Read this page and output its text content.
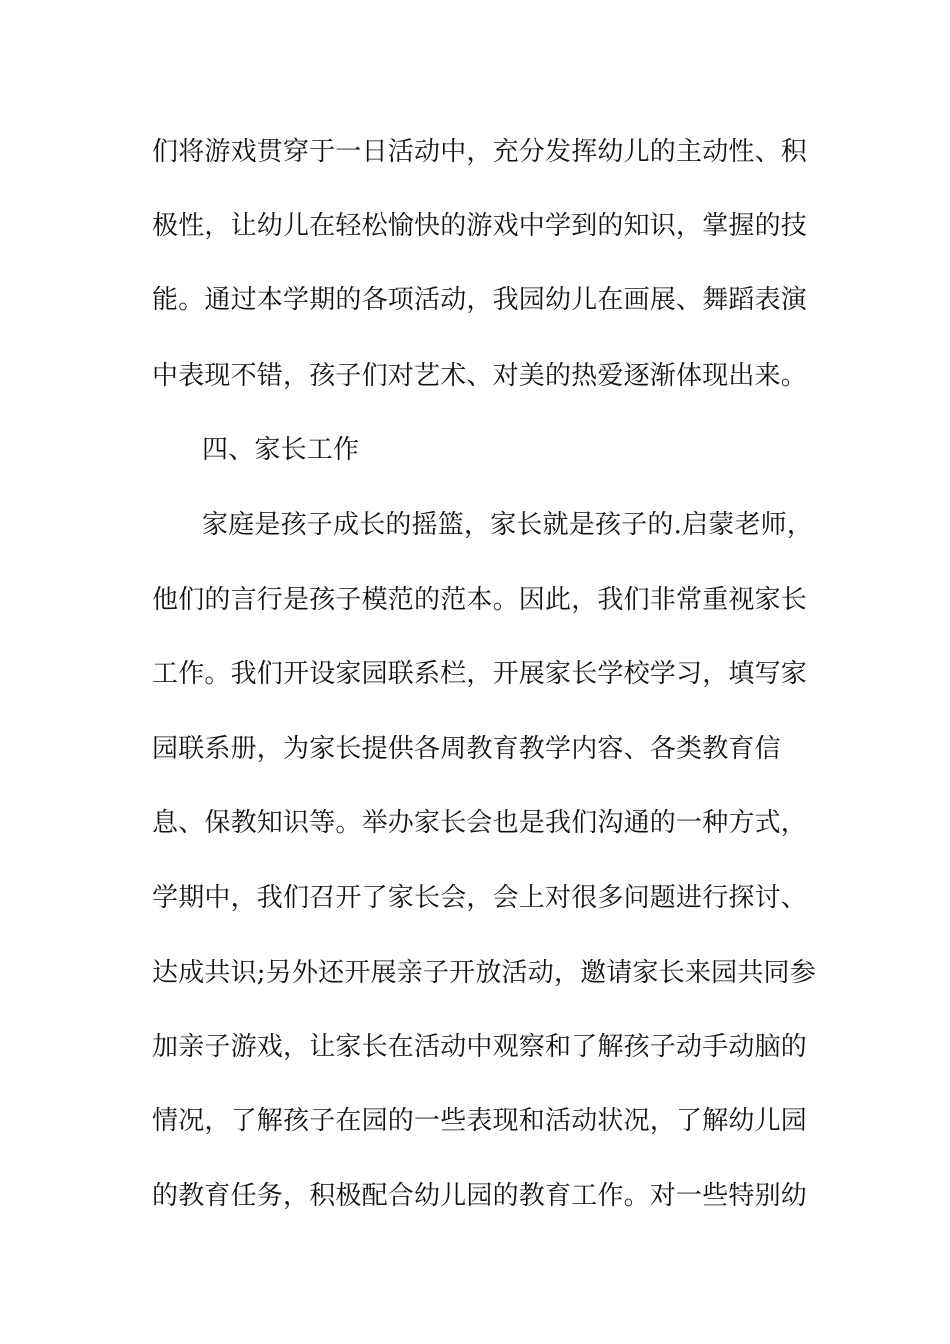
们将游戏贯穿于一日活动中，充分发挥幼儿的主动性、积
极性，让幼儿在轻松愉快的游戏中学到的知识，掌握的技
能。通过本学期的各项活动，我园幼儿在画展、舞蹈表演
中表现不错，孩子们对艺术、对美的热爱逐渐体现出来。
四、家长工作
家庭是孩子成长的摇篮，家长就是孩子的.启蒙老师，
他们的言行是孩子模范的范本。因此，我们非常重视家长
工作。我们开设家园联系栏，开展家长学校学习，填写家
园联系册，为家长提供各周教育教学内容、各类教育信
息、保教知识等。举办家长会也是我们沟通的一种方式，
学期中，我们召开了家长会，会上对很多问题进行探讨、
达成共识;另外还开展亲子开放活动，邀请家长来园共同参
加亲子游戏，让家长在活动中观察和了解孩子动手动脑的
情况，了解孩子在园的一些表现和活动状况，了解幼儿园
的教育任务，积极配合幼儿园的教育工作。对一些特别幼
